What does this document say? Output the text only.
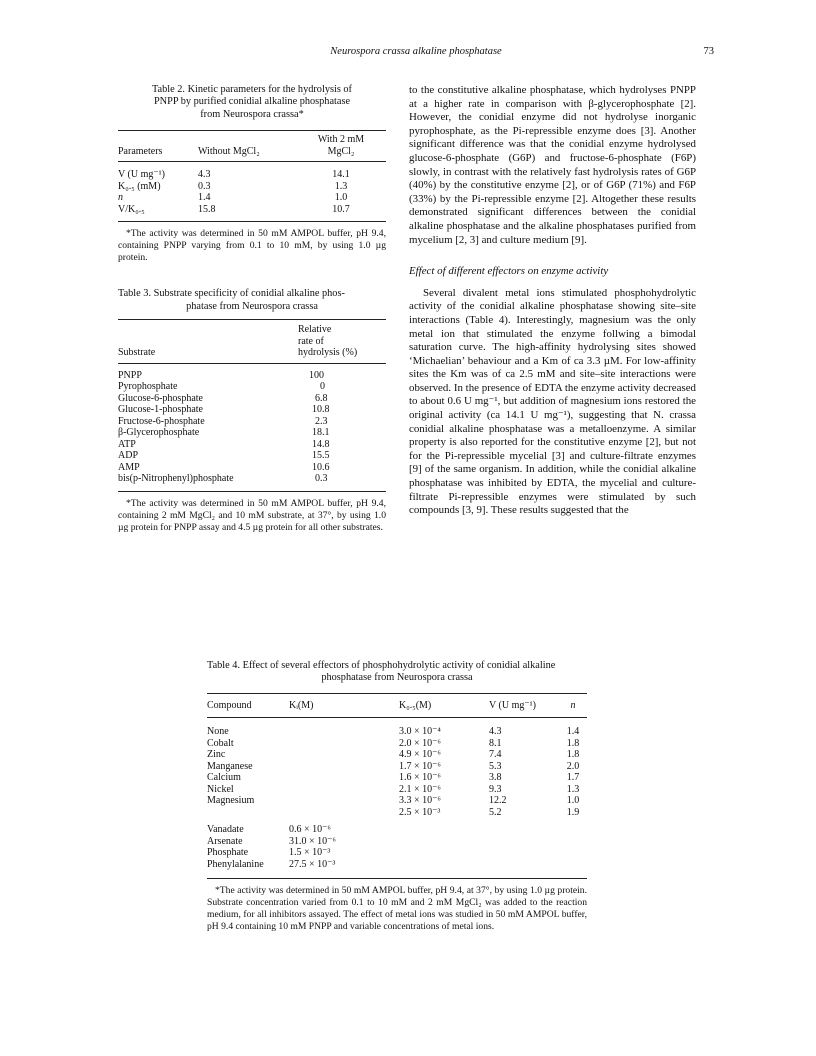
Neurospora crassa alkaline phosphatase	73
Table 2. Kinetic parameters for the hydrolysis of
PNPP by purified conidial alkaline phosphatase
from Neurospora crassa*
Parameters	Without MgCl₂	With 2 mM
MgCl₂
V (U mg⁻¹)	4.3	14.1
K₀.₅ (mM)	0.3	1.3
n	1.4	1.0
V/K₀.₅	15.8	10.7
*The activity was determined in 50 mM AMPOL buffer, pH 9.4, containing PNPP varying from 0.1 to 10 mM, by using 1.0 µg protein.
Table 3. Substrate specificity of conidial alkaline phos-
phatase from Neurospora crassa
Substrate	Relative
rate of
hydrolysis (%)
PNPP	100
Pyrophosphate	0
Glucose-6-phosphate	6.8
Glucose-1-phosphate	10.8
Fructose-6-phosphate	2.3
β-Glycerophosphate	18.1
ATP	14.8
ADP	15.5
AMP	10.6
bis(p-Nitrophenyl)phosphate	0.3
*The activity was determined in 50 mM AMPOL buffer, pH 9.4, containing 2 mM MgCl₂ and 10 mM substrate, at 37°, by using 1.0 µg protein for PNPP assay and 4.5 µg protein for all other substrates.

to the constitutive alkaline phosphatase, which hydrolyses PNPP at a higher rate in comparison with β-glycerophosphate [2]. However, the conidial enzyme did not hydrolyse inorganic pyrophosphate, as the Pi-repressible enzyme does [3]. Another significant difference was that the conidial enzyme hydrolysed glucose-6-phosphate (G6P) and fructose-6-phosphate (F6P) slowly, in contrast with the relatively fast hydrolysis rates of G6P (40%) by the constitutive enzyme [2], or of G6P (71%) and F6P (33%) by the Pi-repressible enzyme [2]. Altogether these results demonstrated significant differences between the conidial alkaline phosphatase and the alkaline phosphatases purified from mycelium [2, 3] and culture medium [9].

Effect of different effectors on enzyme activity

Several divalent metal ions stimulated phosphohydrolytic activity of the conidial alkaline phosphatase showing site–site interactions (Table 4). Interestingly, magnesium was the only metal ion that stimulated the enzyme follwing a bimodal saturation curve. The high-affinity hydrolysing sites showed ‘Michaelian’ behaviour and a Km of ca 3.3 µM. For low-affinity sites the Km was of ca 2.5 mM and site–site interactions were observed. In the presence of EDTA the enzyme activity decreased to about 0.6 U mg⁻¹, but addition of magnesium ions restored the original activity (ca 14.1 U mg⁻¹), suggesting that N. crassa conidial alkaline phosphatase was a metalloenzyme. A similar property is also reported for the constitutive enzyme [2], but not for the Pi-repressible mycelial [3] and culture-filtrate enzymes [9] of the same organism. In addition, while the conidial alkaline phosphatase was inhibited by EDTA, the mycelial and culture-filtrate Pi-repressible enzymes were stimulated by such compounds [3, 9]. These results suggested that the

Table 4. Effect of several effectors of phosphohydrolytic activity of conidial alkaline
phosphatase from Neurospora crassa
Compound	Kᵢ(M)	K₀.₅(M)	V (U mg⁻¹)	n
None		3.0 × 10⁻⁴	4.3	1.4
Cobalt		2.0 × 10⁻⁶	8.1	1.8
Zinc		4.9 × 10⁻⁶	7.4	1.8
Manganese		1.7 × 10⁻⁶	5.3	2.0
Calcium		1.6 × 10⁻⁶	3.8	1.7
Nickel		2.1 × 10⁻⁶	9.3	1.3
Magnesium		3.3 × 10⁻⁶	12.2	1.0
		2.5 × 10⁻³	5.2	1.9

Vanadate	0.6 × 10⁻⁶			
Arsenate	31.0 × 10⁻⁶			
Phosphate	1.5 × 10⁻³			
Phenylalanine	27.5 × 10⁻³			
*The activity was determined in 50 mM AMPOL buffer, pH 9.4, at 37°, by using 1.0 µg protein. Substrate concentration varied from 0.1 to 10 mM and 2 mM MgCl₂ was added to the reaction medium, for all inhibitors assayed. The effect of metal ions was studied in 50 mM AMPOL buffer, pH 9.4 containing 10 mM PNPP and variable concentrations of metal ions.
